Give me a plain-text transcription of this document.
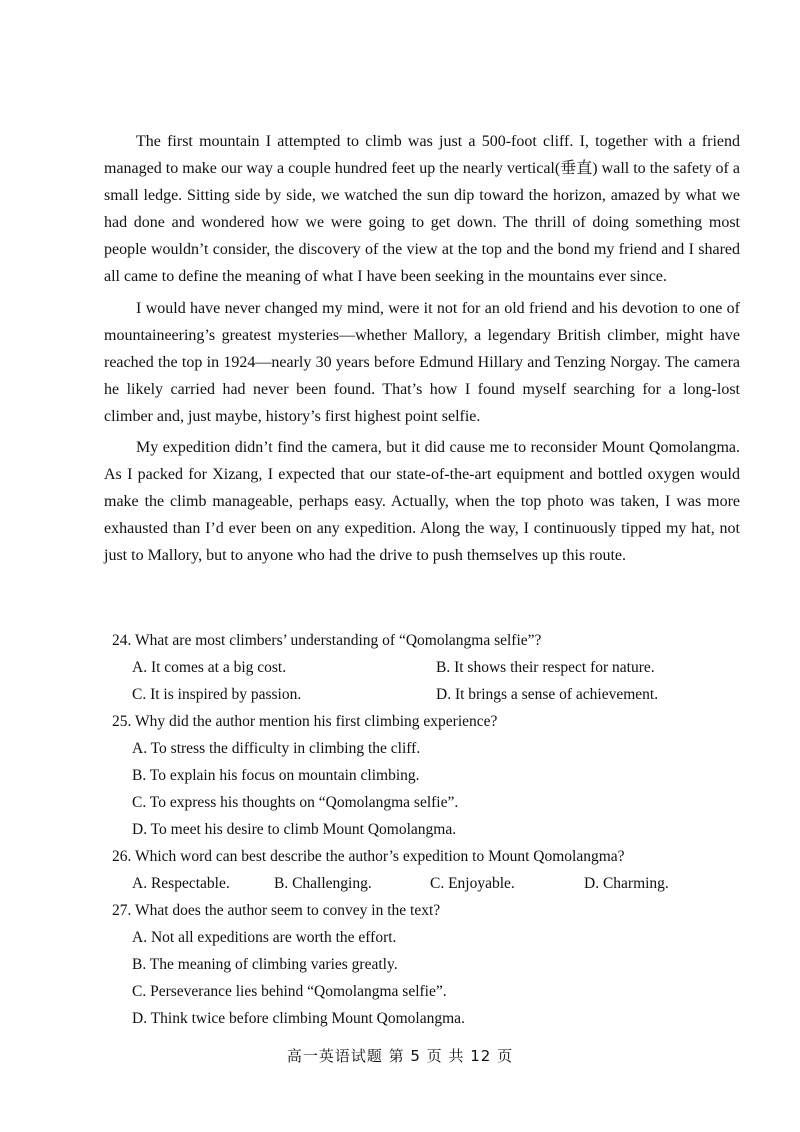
The first mountain I attempted to climb was just a 500-foot cliff. I, together with a friend managed to make our way a couple hundred feet up the nearly vertical(垂直) wall to the safety of a small ledge. Sitting side by side, we watched the sun dip toward the horizon, amazed by what we had done and wondered how we were going to get down. The thrill of doing something most people wouldn’t consider, the discovery of the view at the top and the bond my friend and I shared all came to define the meaning of what I have been seeking in the mountains ever since.

I would have never changed my mind, were it not for an old friend and his devotion to one of mountaineering’s greatest mysteries—whether Mallory, a legendary British climber, might have reached the top in 1924—nearly 30 years before Edmund Hillary and Tenzing Norgay. The camera he likely carried had never been found. That’s how I found myself searching for a long-lost climber and, just maybe, history’s first highest point selfie.

My expedition didn’t find the camera, but it did cause me to reconsider Mount Qomolangma. As I packed for Xizang, I expected that our state-of-the-art equipment and bottled oxygen would make the climb manageable, perhaps easy. Actually, when the top photo was taken, I was more exhausted than I’d ever been on any expedition. Along the way, I continuously tipped my hat, not just to Mallory, but to anyone who had the drive to push themselves up this route.

24. What are most climbers’ understanding of “Qomolangma selfie”?
A. It comes at a big cost.	B. It shows their respect for nature.
C. It is inspired by passion.	D. It brings a sense of achievement.
25. Why did the author mention his first climbing experience?
A. To stress the difficulty in climbing the cliff.
B. To explain his focus on mountain climbing.
C. To express his thoughts on “Qomolangma selfie”.
D. To meet his desire to climb Mount Qomolangma.
26. Which word can best describe the author’s expedition to Mount Qomolangma?
A. Respectable.	B. Challenging.	C. Enjoyable.	D. Charming.
27. What does the author seem to convey in the text?
A. Not all expeditions are worth the effort.
B. The meaning of climbing varies greatly.
C. Perseverance lies behind “Qomolangma selfie”.
D. Think twice before climbing Mount Qomolangma.
高一英语试题 第 5 页 共 12 页
